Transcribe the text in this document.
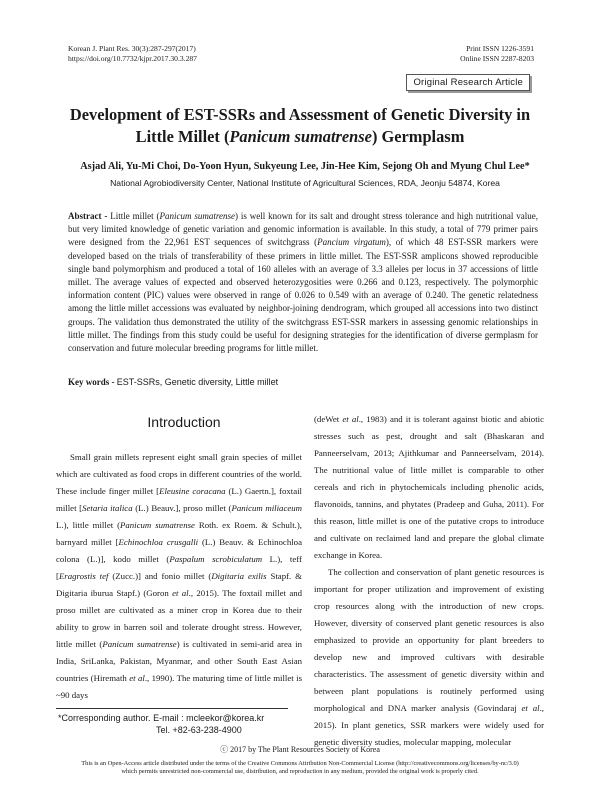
Korean J. Plant Res. 30(3):287-297(2017)
https://doi.org/10.7732/kjpr.2017.30.3.287
Print ISSN 1226-3591
Online ISSN 2287-8203
Original Research Article
Development of EST-SSRs and Assessment of Genetic Diversity in
Little Millet (Panicum sumatrense) Germplasm
Asjad Ali, Yu-Mi Choi, Do-Yoon Hyun, Sukyeung Lee, Jin-Hee Kim, Sejong Oh and Myung Chul Lee*
National Agrobiodiversity Center, National Institute of Agricultural Sciences, RDA, Jeonju 54874, Korea
Abstract - Little millet (Panicum sumatrense) is well known for its salt and drought stress tolerance and high nutritional value, but very limited knowledge of genetic variation and genomic information is available. In this study, a total of 779 primer pairs were designed from the 22,961 EST sequences of switchgrass (Pancium virgatum), of which 48 EST-SSR markers were developed based on the trials of transferability of these primers in little millet. The EST-SSR amplicons showed reproducible single band polymorphism and produced a total of 160 alleles with an average of 3.3 alleles per locus in 37 accessions of little millet. The average values of expected and observed heterozygosities were 0.266 and 0.123, respectively. The polymorphic information content (PIC) values were observed in range of 0.026 to 0.549 with an average of 0.240. The genetic relatedness among the little millet accessions was evaluated by neighbor-joining dendrogram, which grouped all accessions into two distinct groups. The validation thus demonstrated the utility of the switchgrass EST-SSR markers in assessing genomic relationships in little millet. The findings from this study could be useful for designing strategies for the identification of diverse germplasm for conservation and future molecular breeding programs for little millet.
Key words - EST-SSRs, Genetic diversity, Little millet
Introduction
Small grain millets represent eight small grain species of millet which are cultivated as food crops in different countries of the world. These include finger millet [Eleusine coracana (L.) Gaertn.], foxtail millet [Setaria italica (L.) Beauv.], proso millet (Panicum miliaceum L.), little millet (Panicum sumatrense Roth. ex Roem. & Schult.), barnyard millet [Echinochloa crusgalli (L.) Beauv. & Echinochloa colona (L.)], kodo millet (Paspalum scrobiculatum L.), teff [Eragrostis tef (Zucc.)] and fonio millet (Digitaria exilis Stapf. & Digitaria iburua Stapf.) (Goron et al., 2015). The foxtail millet and proso millet are cultivated as a miner crop in Korea due to their ability to grow in barren soil and tolerate drought stress. However, little millet (Panicum sumatrense) is cultivated in semi-arid area in India, SriLanka, Pakistan, Myanmar, and other South East Asian countries (Hiremath et al., 1990). The maturing time of little millet is ~90 days
(deWet et al., 1983) and it is tolerant against biotic and abiotic stresses such as pest, drought and salt (Bhaskaran and Panneerselvam, 2013; Ajithkumar and Panneerselvam, 2014). The nutritional value of little millet is comparable to other cereals and rich in phytochemicals including phenolic acids, flavonoids, tannins, and phytates (Pradeep and Guha, 2011). For this reason, little millet is one of the putative crops to introduce and cultivate on reclaimed land and prepare the global climate exchange in Korea.
The collection and conservation of plant genetic resources is important for proper utilization and improvement of existing crop resources along with the introduction of new crops. However, diversity of conserved plant genetic resources is also emphasized to provide an opportunity for plant breeders to develop new and improved cultivars with desirable characteristics. The assessment of genetic diversity within and between plant populations is routinely performed using morphological and DNA marker analysis (Govindaraj et al., 2015). In plant genetics, SSR markers were widely used for genetic diversity studies, molecular mapping, molecular
*Corresponding author. E-mail : mcleekor@korea.kr
Tel. +82-63-238-4900
ⓒ 2017 by The Plant Resources Society of Korea
This is an Open-Access article distributed under the terms of the Creative Commons Attribution Non-Commercial License (http://creativecommons.org/licenses/by-nc/3.0)
which permits unrestricted non-commercial use, distribution, and reproduction in any medium, provided the original work is properly cited.
